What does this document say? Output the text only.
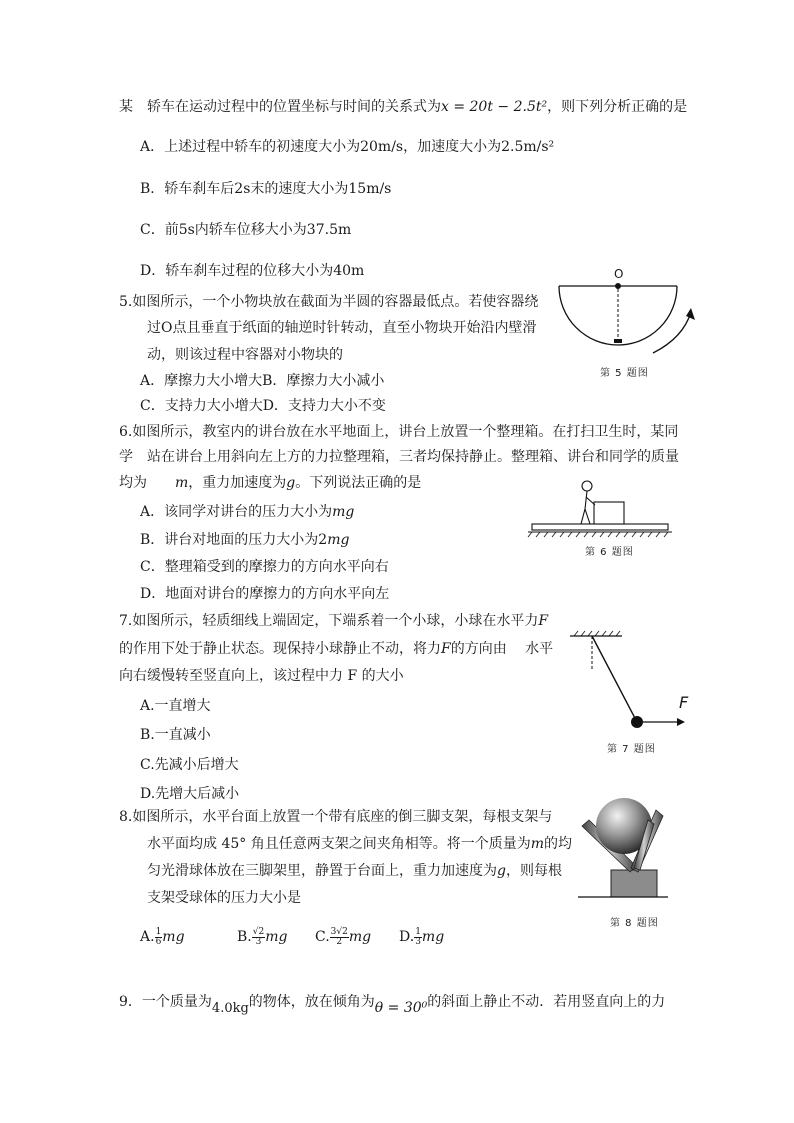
某　轿车在运动过程中的位置坐标与时间的关系式为x = 20t − 2.5t²，则下列分析正确的是
A．上述过程中轿车的初速度大小为20m/s，加速度大小为2.5m/s²
B．轿车刹车后2s末的速度大小为15m/s
C．前5s内轿车位移大小为37.5m
D．轿车刹车过程的位移大小为40m
5.如图所示，一个小物块放在截面为半圆的容器最低点。若使容器绕
过O点且垂直于纸面的轴逆时针转动，直至小物块开始沿内壁滑
动，则该过程中容器对小物块的
A．摩擦力大小增大B．摩擦力大小减小
C．支持力大小增大D．支持力大小不变
O
第 5 题图
6.如图所示，教室内的讲台放在水平地面上，讲台上放置一个整理箱。在打扫卫生时，某同
学　站在讲台上用斜向左上方的力拉整理箱，三者均保持静止。整理箱、讲台和同学的质量
均为　　 m，重力加速度为g。下列说法正确的是
A．该同学对讲台的压力大小为mg
B．讲台对地面的压力大小为2mg
C．整理箱受到的摩擦力的方向水平向右
D．地面对讲台的摩擦力的方向水平向左
第 6 题图
7.如图所示，轻质细线上端固定，下端系着一个小球，小球在水平力F
的作用下处于静止状态。现保持小球静止不动，将力F的方向由　 水平
向右缓慢转至竖直向上，该过程中力 F 的大小
A.一直增大
B.一直减小
C.先减小后增大
D.先增大后减小
F
第 7 题图
8.如图所示，水平台面上放置一个带有底座的倒三脚支架，每根支架与
水平面均成 45° 角且任意两支架之间夹角相等。将一个质量为m的均
匀光滑球体放在三脚架里，静置于台面上，重力加速度为g，则每根
支架受球体的压力大小是
A. $\frac{1}{6}$ mg	B. $\frac{√2}{3}$ mg C. $\frac{3√2}{2}$ mg D. $\frac{1}{3}$ mg
第 8 题图
9．一个质量为4.0kg的物体，放在倾角为θ = 30⁰的斜面上静止不动．若用竖直向上的力
